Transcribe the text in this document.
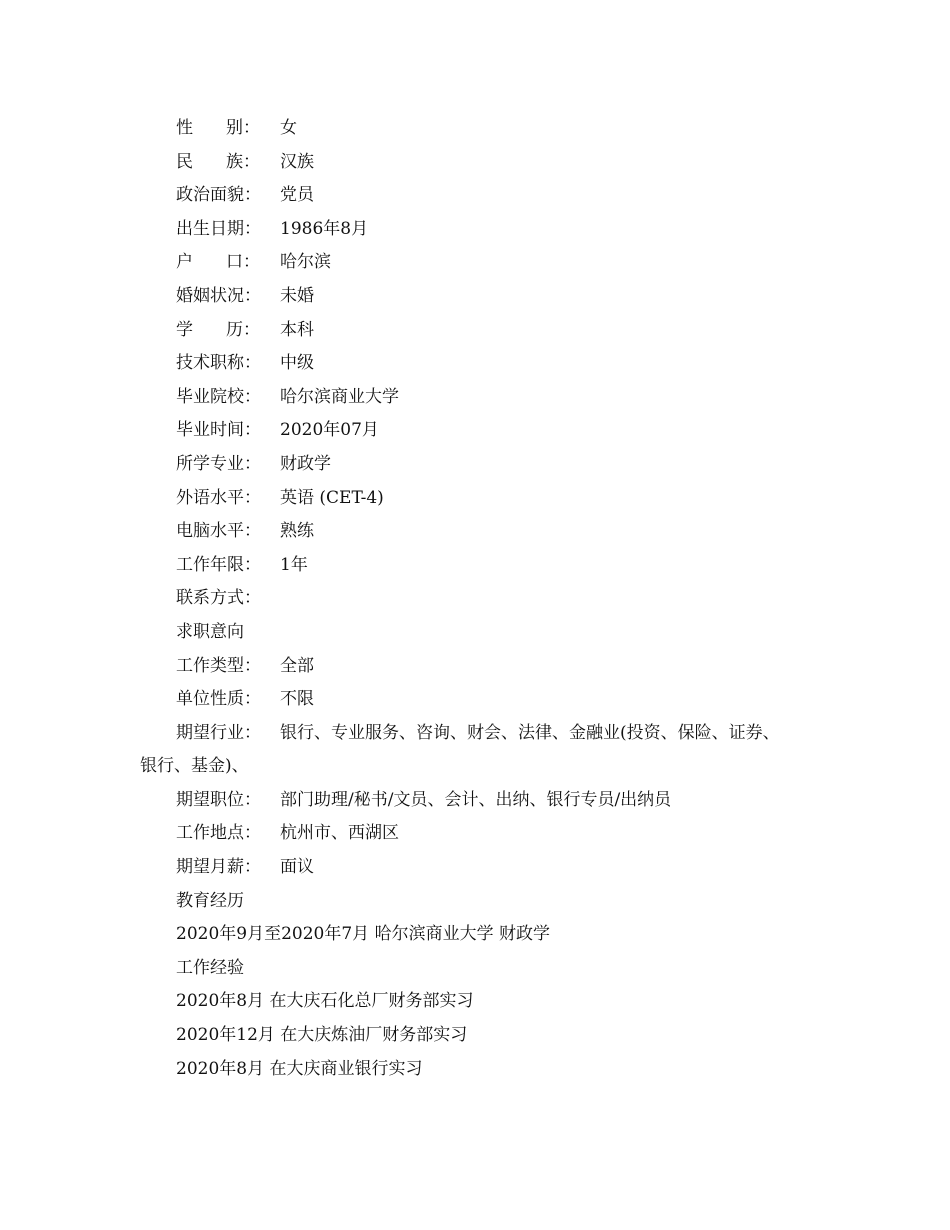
性 别： 女
民 族： 汉族
政治面貌： 党员
出生日期： 1986年8月
户 口： 哈尔滨
婚姻状况： 未婚
学 历： 本科
技术职称： 中级
毕业院校： 哈尔滨商业大学
毕业时间： 2020年07月
所学专业： 财政学
外语水平： 英语 (CET-4)
电脑水平： 熟练
工作年限： 1年
联系方式：
求职意向
工作类型： 全部
单位性质： 不限
期望行业： 银行、专业服务、咨询、财会、法律、金融业(投资、保险、证券、
银行、基金)、
期望职位： 部门助理/秘书/文员、会计、出纳、银行专员/出纳员
工作地点： 杭州市、西湖区
期望月薪： 面议
教育经历
2020年9月至2020年7月 哈尔滨商业大学 财政学
工作经验
2020年8月 在大庆石化总厂财务部实习
2020年12月 在大庆炼油厂财务部实习
2020年8月 在大庆商业银行实习
